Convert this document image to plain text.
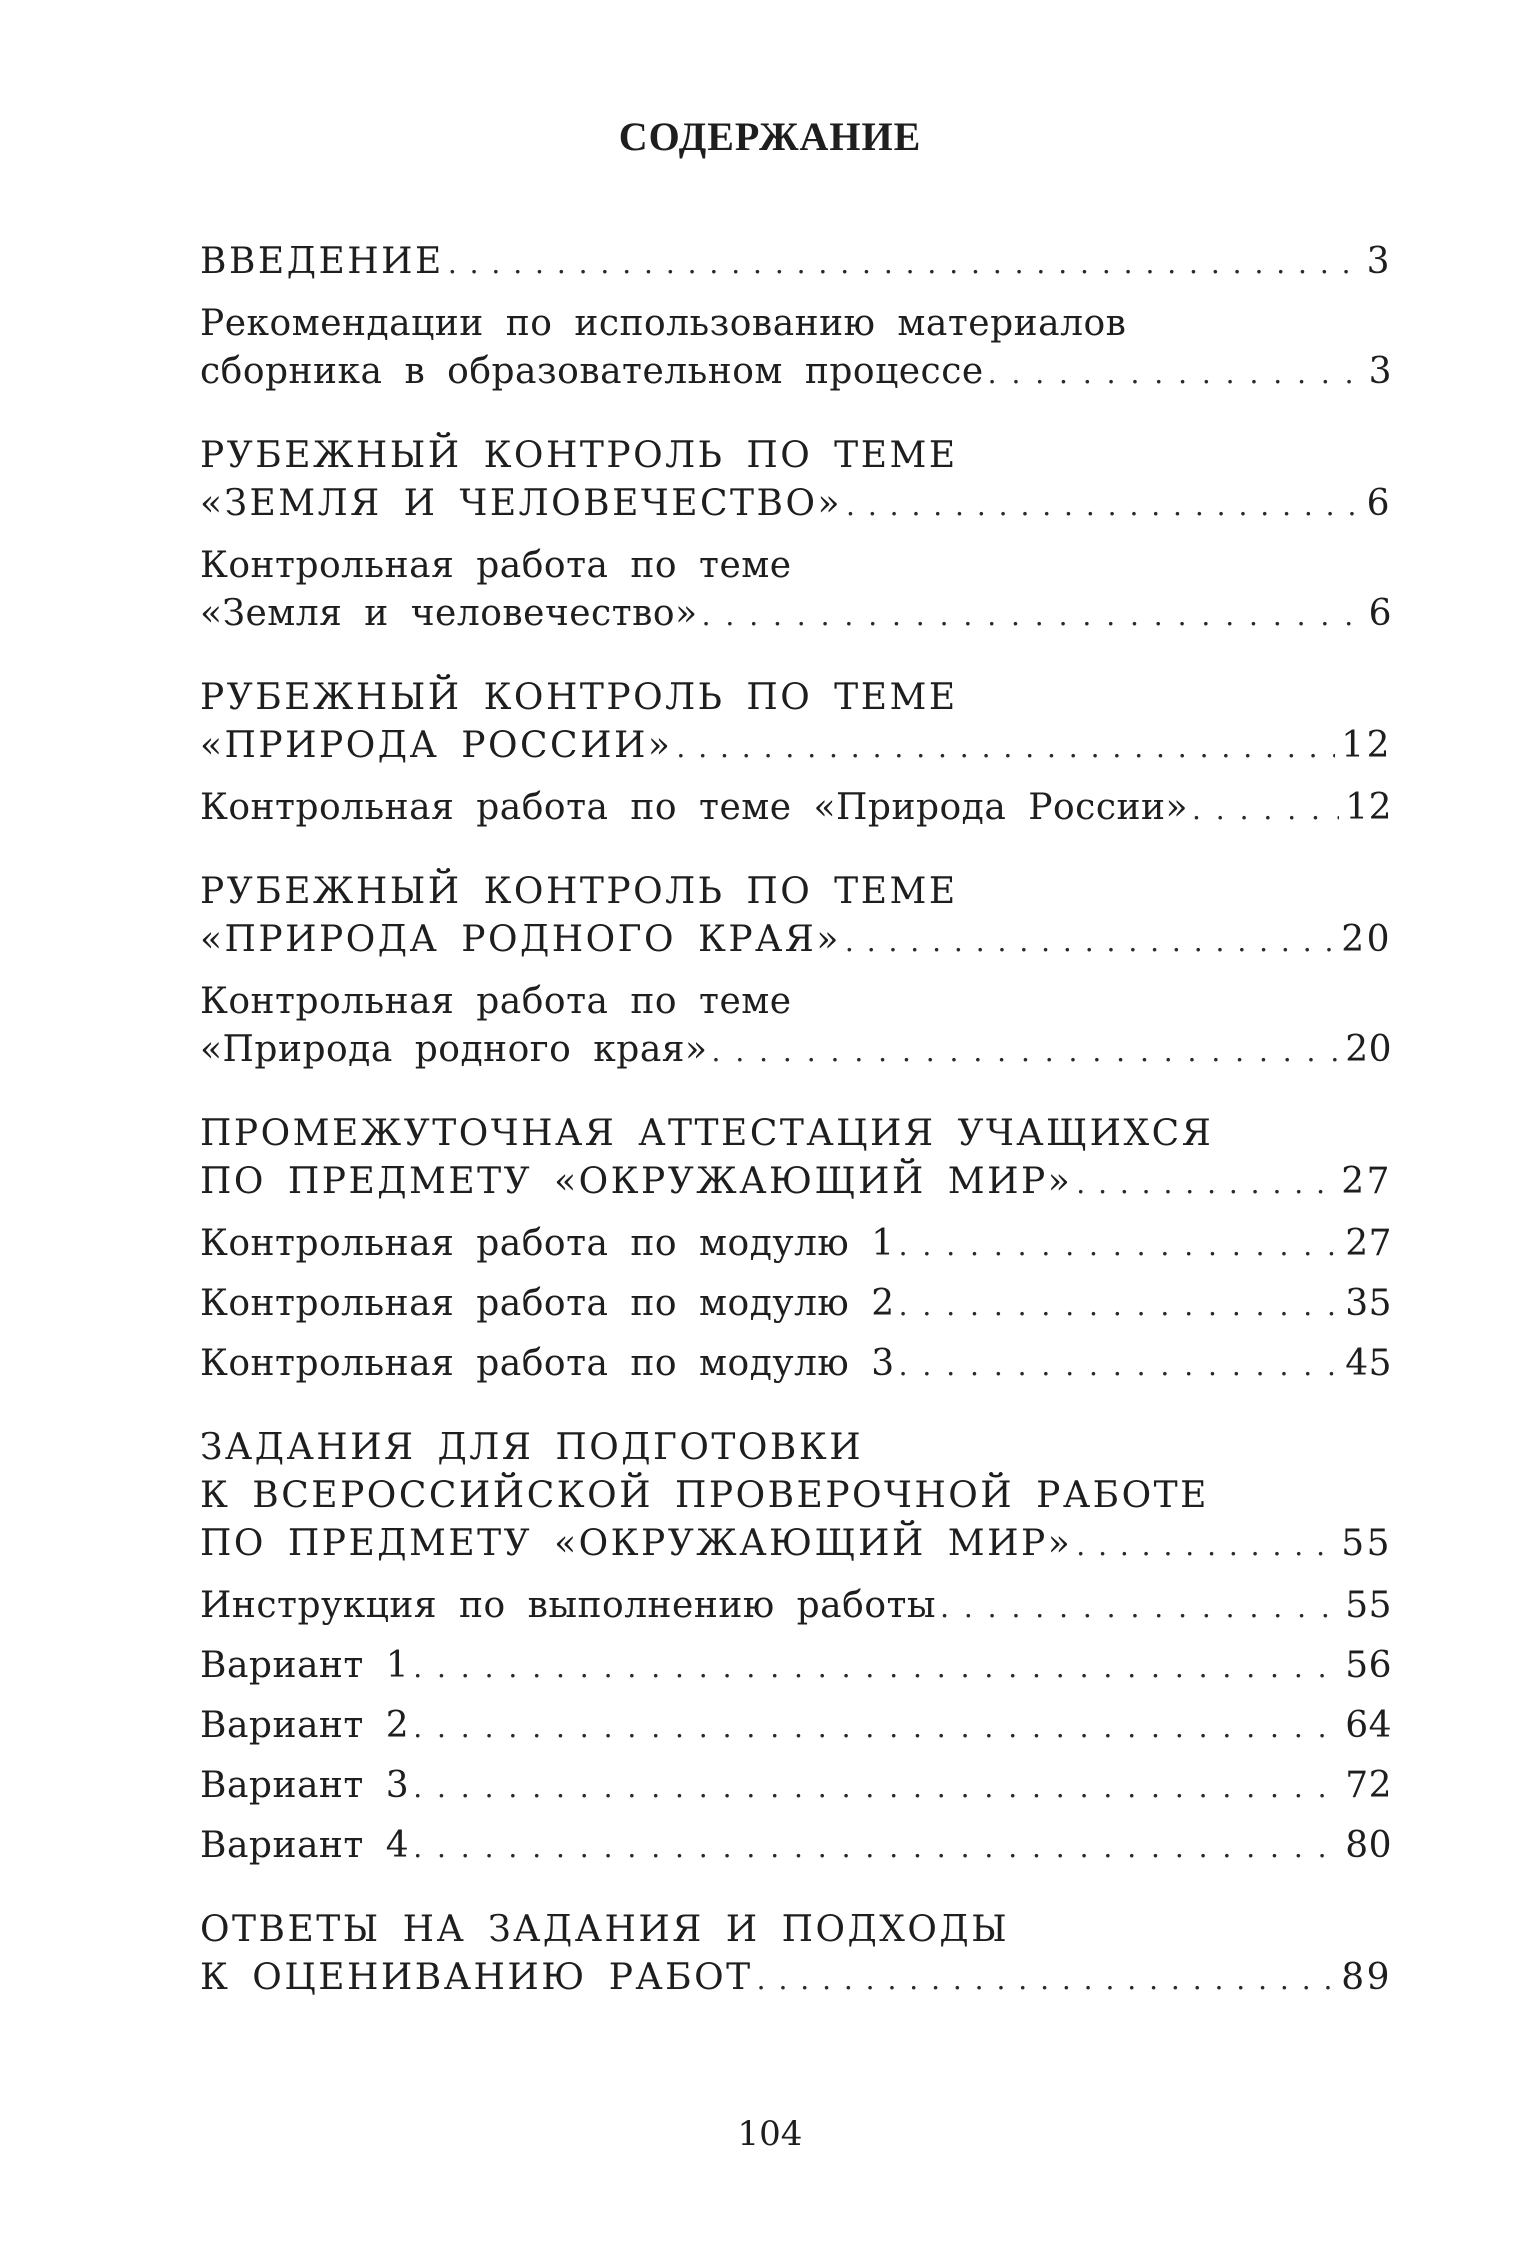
СОДЕРЖАНИЕ
ВВЕДЕНИЕ . . .	3
Рекомендации по использованию материалов
сборника в образовательном процессе . . .	3
РУБЕЖНЫЙ КОНТРОЛЬ ПО ТЕМЕ
«ЗЕМЛЯ И ЧЕЛОВЕЧЕСТВО» . . .	6
Контрольная работа по теме
«Земля и человечество» . . .	6
РУБЕЖНЫЙ КОНТРОЛЬ ПО ТЕМЕ
«ПРИРОДА РОССИИ» . . .	12
Контрольная работа по теме «Природа России» . . .	12
РУБЕЖНЫЙ КОНТРОЛЬ ПО ТЕМЕ
«ПРИРОДА РОДНОГО КРАЯ» . . .	20
Контрольная работа по теме
«Природа родного края» . . .	20
ПРОМЕЖУТОЧНАЯ АТТЕСТАЦИЯ УЧАЩИХСЯ
ПО ПРЕДМЕТУ «ОКРУЖАЮЩИЙ МИР» . . .	27
Контрольная работа по модулю 1 . . .	27
Контрольная работа по модулю 2 . . .	35
Контрольная работа по модулю 3 . . .	45
ЗАДАНИЯ ДЛЯ ПОДГОТОВКИ
К ВСЕРОССИЙСКОЙ ПРОВЕРОЧНОЙ РАБОТЕ
ПО ПРЕДМЕТУ «ОКРУЖАЮЩИЙ МИР» . . .	55
Инструкция по выполнению работы . . .	55
Вариант 1 . . .	56
Вариант 2 . . .	64
Вариант 3 . . .	72
Вариант 4 . . .	80
ОТВЕТЫ НА ЗАДАНИЯ И ПОДХОДЫ
К ОЦЕНИВАНИЮ РАБОТ . . .	89
104
